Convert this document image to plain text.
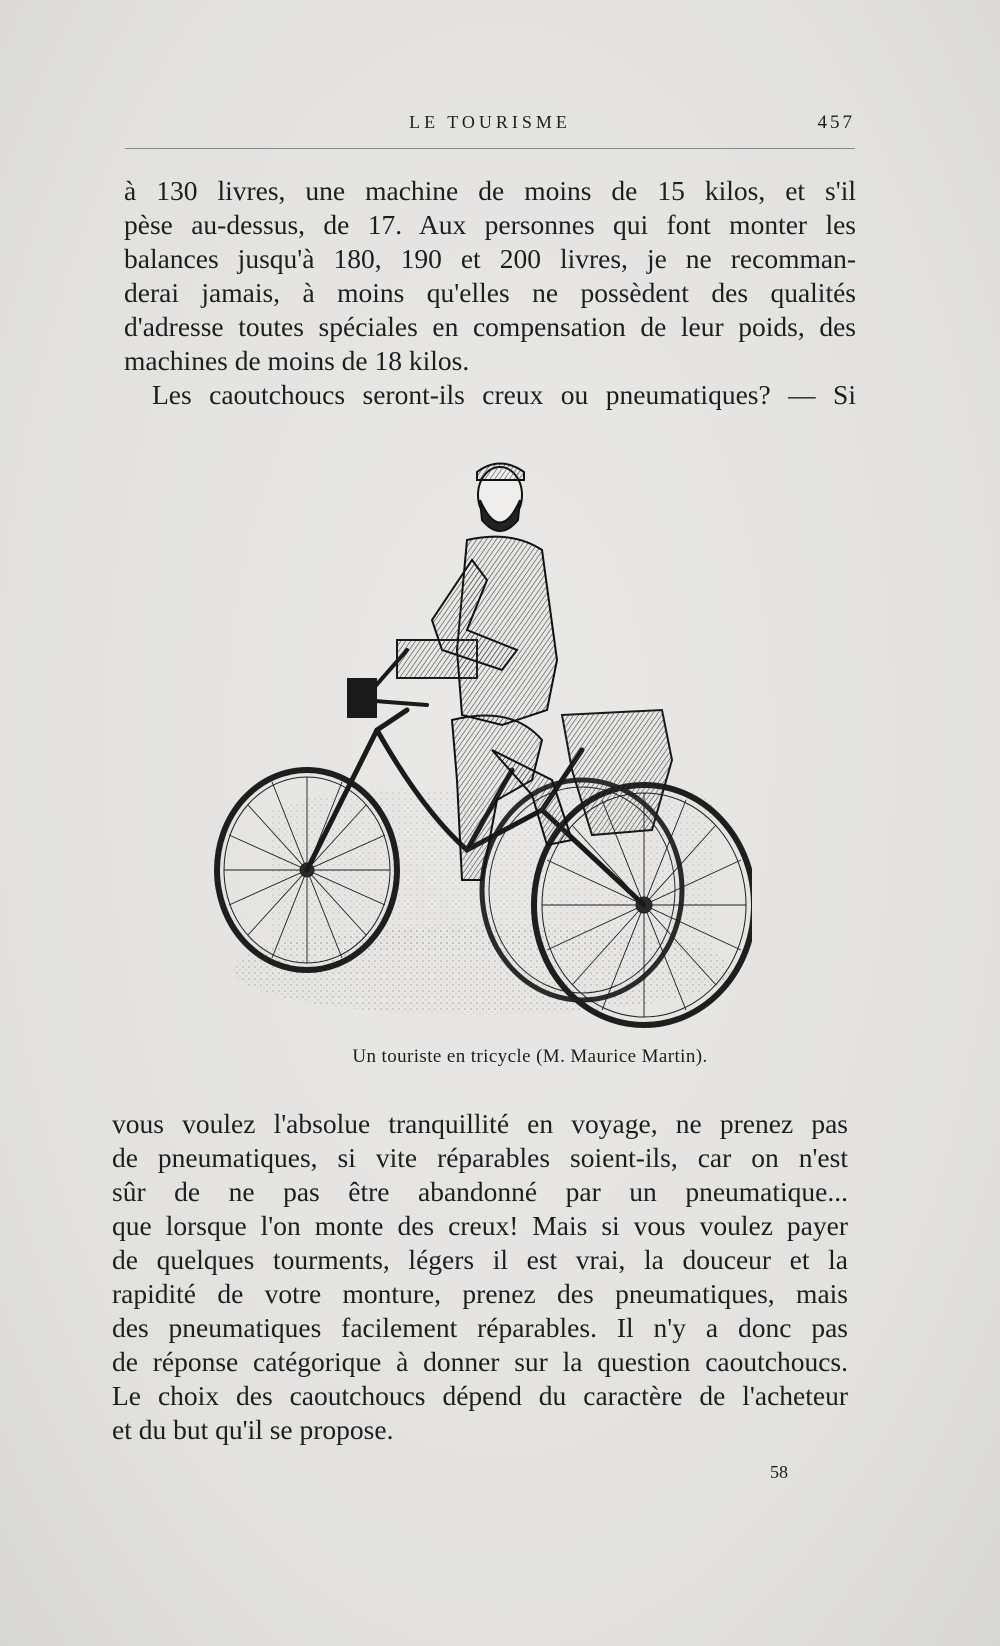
LE TOURISME	457
à 130 livres, une machine de moins de 15 kilos, et s'il
pèse au-dessus, de 17. Aux personnes qui font monter les
balances jusqu'à 180, 190 et 200 livres, je ne recomman-
derai jamais, à moins qu'elles ne possèdent des qualités
d'adresse toutes spéciales en compensation de leur poids, des
machines de moins de 18 kilos.
Les caoutchoucs seront-ils creux ou pneumatiques? — Si
Un touriste en tricycle (M. Maurice Martin).
vous voulez l'absolue tranquillité en voyage, ne prenez pas
de pneumatiques, si vite réparables soient-ils, car on n'est
sûr de ne pas être abandonné par un pneumatique...
que lorsque l'on monte des creux! Mais si vous voulez payer
de quelques tourments, légers il est vrai, la douceur et la
rapidité de votre monture, prenez des pneumatiques, mais
des pneumatiques facilement réparables. Il n'y a donc pas
de réponse catégorique à donner sur la question caoutchoucs.
Le choix des caoutchoucs dépend du caractère de l'acheteur
et du but qu'il se propose.
58
